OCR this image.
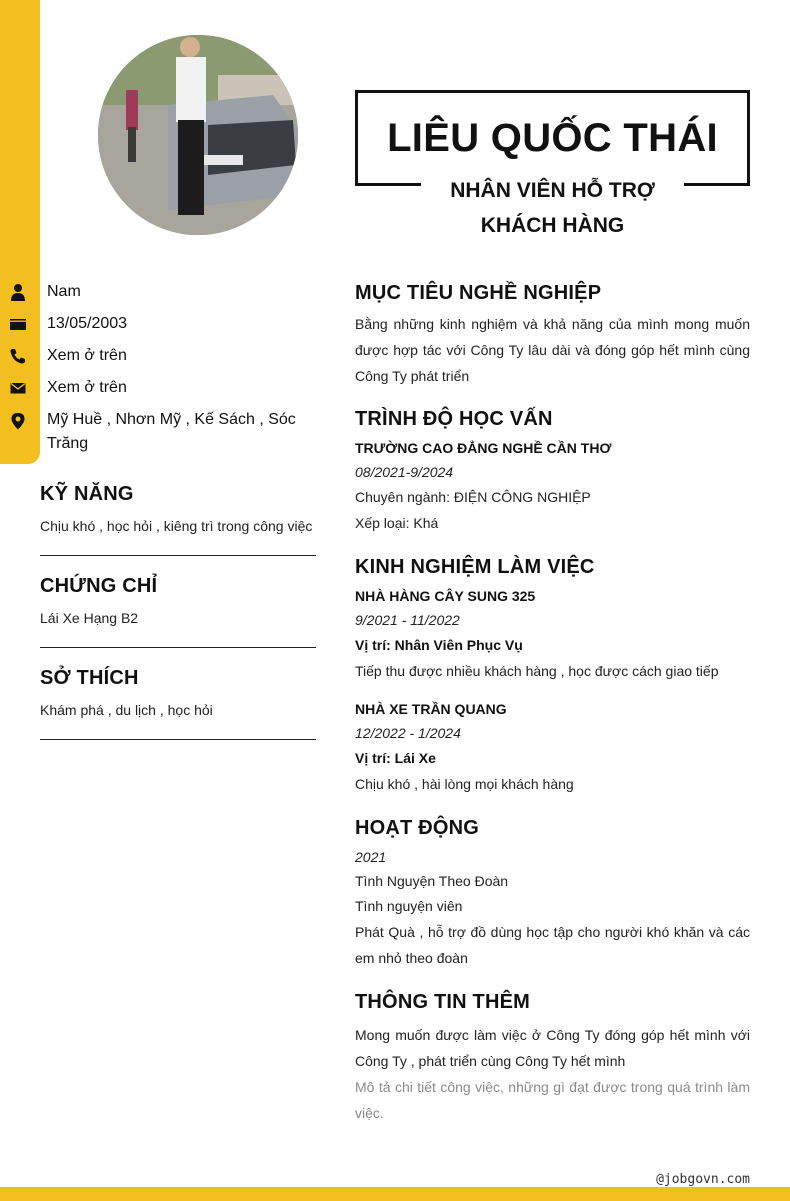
LIÊU QUỐC THÁI
NHÂN VIÊN HỖ TRỢ
KHÁCH HÀNG
Nam
13/05/2003
Xem ở trên
Xem ở trên
Mỹ Huề , Nhơn Mỹ , Kế Sách , Sóc Trăng
KỸ NĂNG

Chịu khó , học hỏi , kiêng trì trong công việc

CHỨNG CHỈ

Lái Xe Hạng B2

SỞ THÍCH

Khám phá , du lịch , học hỏi

MỤC TIÊU NGHỀ NGHIỆP
Bằng những kinh nghiệm và khả năng của mình mong muốn được hợp tác với Công Ty lâu dài và đóng góp hết mình cùng Công Ty phát triển
TRÌNH ĐỘ HỌC VẤN
TRƯỜNG CAO ĐẲNG NGHỀ CẦN THƠ
08/2021-9/2024
Chuyên ngành: ĐIỆN CÔNG NGHIỆP
Xếp loại: Khá
KINH NGHIỆM LÀM VIỆC
NHÀ HÀNG CÂY SUNG 325
9/2021 - 11/2022
Vị trí: Nhân Viên Phục Vụ
Tiếp thu được nhiều khách hàng , học được cách giao tiếp
NHÀ XE TRẦN QUANG
12/2022 - 1/2024
Vị trí: Lái Xe
Chịu khó , hài lòng mọi khách hàng
HOẠT ĐỘNG
2021
Tình Nguyện Theo Đoàn
Tình nguyện viên
Phát Quà , hỗ trợ đồ dùng học tập cho người khó khăn và các em nhỏ theo đoàn
THÔNG TIN THÊM
Mong muốn được làm việc ở Công Ty đóng góp hết mình với Công Ty , phát triển cùng Công Ty hết mình
Mô tả chi tiết công việc, những gì đạt được trong quá trình làm việc.
@jobgovn.com
